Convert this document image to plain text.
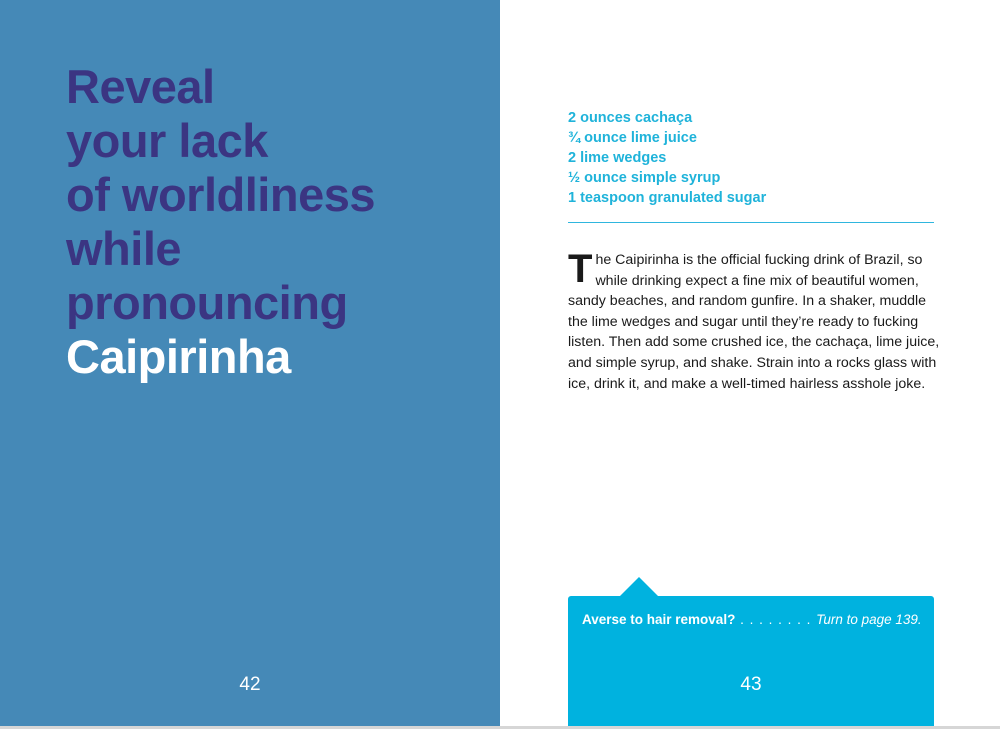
Reveal
your lack
of worldliness
while
pronouncing
Caipirinha
42
2 ounces cachaça
¾ ounce lime juice
2 lime wedges
½ ounce simple syrup
1 teaspoon granulated sugar

The Caipirinha is the official fucking drink of Brazil, so while drinking expect a fine mix of beautiful women, sandy beaches, and random gunfire. In a shaker, muddle the lime wedges and sugar until they’re ready to fucking listen. Then add some crushed ice, the cachaça, lime juice, and simple syrup, and shake. Strain into a rocks glass with ice, drink it, and make a well-timed hairless asshole joke.

Averse to hair removal? . . . . . . . . Turn to page 139.
43
